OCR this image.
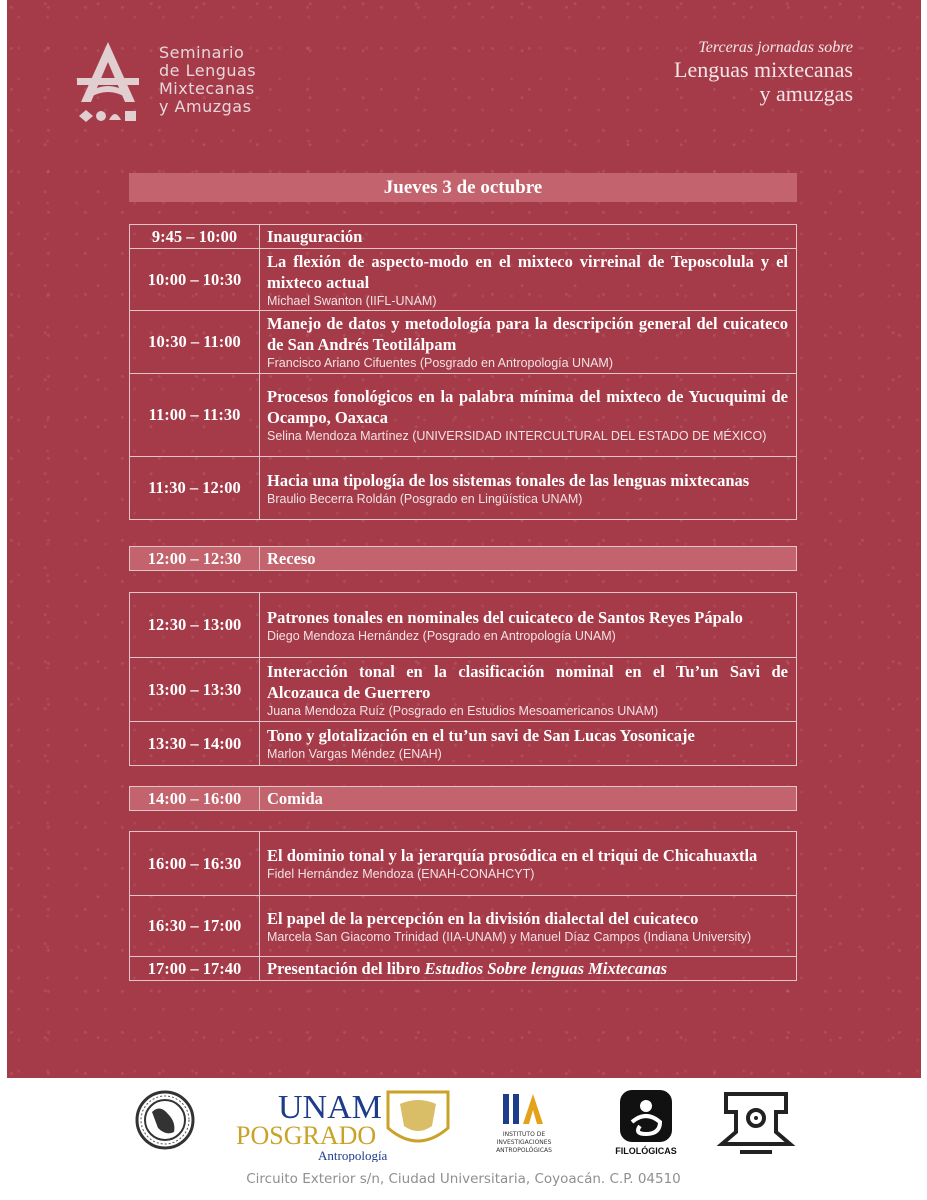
Seminario
de Lenguas
Mixtecanas
y Amuzgas
Terceras jornadas sobre
Lenguas mixtecanas
y amuzgas
Jueves 3 de octubre
9:45 – 10:00	Inauguración

10:00 – 10:30	La flexión de aspecto-modo en el mixteco virreinal de Teposcolula y el mixteco actual
Michael Swanton (IIFL-UNAM)

10:30 – 11:00	Manejo de datos y metodología para la descripción general del cuicateco de San Andrés Teotilálpam
Francisco Ariano Cifuentes (Posgrado en Antropología UNAM)

11:00 – 11:30	Procesos fonológicos en la palabra mínima del mixteco de Yucuquimi de Ocampo, Oaxaca
Selina Mendoza Martínez (UNIVERSIDAD INTERCULTURAL DEL ESTADO DE MÉXICO)

11:30 – 12:00	Hacia una tipología de los sistemas tonales de las lenguas mixtecanas
Braulio Becerra Roldán (Posgrado en Lingüística UNAM)
12:00 – 12:30	Receso
12:30 – 13:00	Patrones tonales en nominales del cuicateco de Santos Reyes Pápalo
Diego Mendoza Hernández (Posgrado en Antropología UNAM)

13:00 – 13:30	Interacción tonal en la clasificación nominal en el Tu’un Savi de Alcozauca de Guerrero
Juana Mendoza Ruíz (Posgrado en Estudios Mesoamericanos UNAM)

13:30 – 14:00	Tono y glotalización en el tu’un savi de San Lucas Yosonicaje
Marlon Vargas Méndez (ENAH)
14:00 – 16:00	Comida
16:00 – 16:30	El dominio tonal y la jerarquía prosódica en el triqui de Chicahuaxtla
Fidel Hernández Mendoza (ENAH-CONAHCYT)

16:30 – 17:00	El papel de la percepción en la división dialectal del cuicateco
Marcela San Giacomo Trinidad (IIA-UNAM) y Manuel Díaz Campos (Indiana University)

17:00 – 17:40	Presentación del libro Estudios Sobre lenguas Mixtecanas
UNAM
POSGRADO
Antropología
INSTITUTO DE
INVESTIGACIONES
ANTROPOLÓGICAS	FILOLÓGICAS
Circuito Exterior s/n, Ciudad Universitaria, Coyoacán. C.P. 04510
